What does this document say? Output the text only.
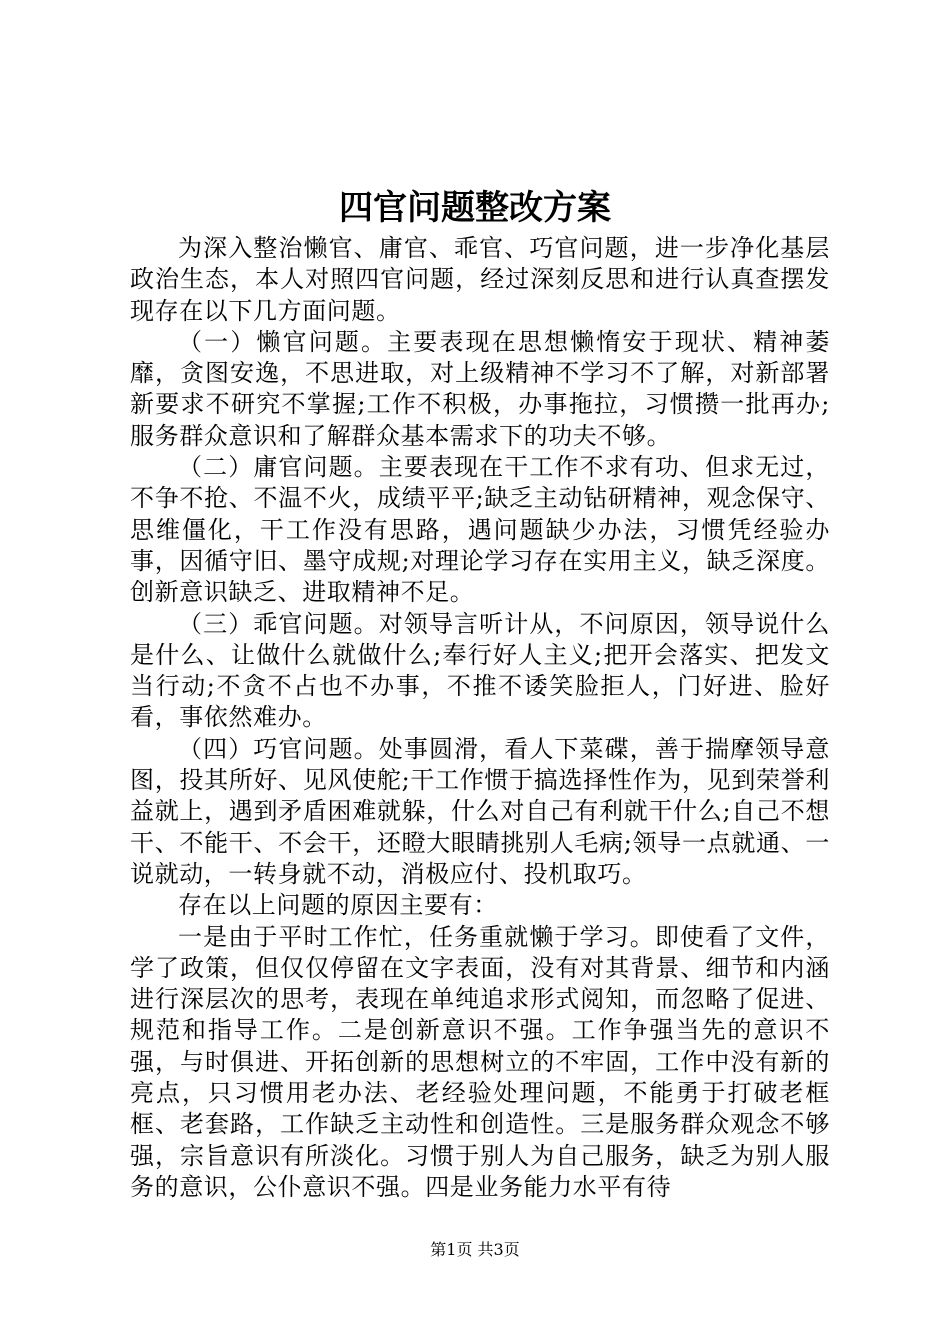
四官问题整改方案

为深入整治懒官、庸官、乖官、巧官问题，进一步净化基层政治生态，本人对照四官问题，经过深刻反思和进行认真查摆发现存在以下几方面问题。

（一）懒官问题。主要表现在思想懒惰安于现状、精神萎靡，贪图安逸，不思进取，对上级精神不学习不了解，对新部署新要求不研究不掌握;工作不积极，办事拖拉，习惯攒一批再办;服务群众意识和了解群众基本需求下的功夫不够。

（二）庸官问题。主要表现在干工作不求有功、但求无过，不争不抢、不温不火，成绩平平;缺乏主动钻研精神，观念保守、思维僵化，干工作没有思路，遇问题缺少办法，习惯凭经验办事，因循守旧、墨守成规;对理论学习存在实用主义，缺乏深度。创新意识缺乏、进取精神不足。

（三）乖官问题。对领导言听计从，不问原因，领导说什么是什么、让做什么就做什么;奉行好人主义;把开会落实、把发文当行动;不贪不占也不办事，不推不诿笑脸拒人，门好进、脸好看，事依然难办。

（四）巧官问题。处事圆滑，看人下菜碟，善于揣摩领导意图，投其所好、见风使舵;干工作惯于搞选择性作为，见到荣誉利益就上，遇到矛盾困难就躲，什么对自己有利就干什么;自己不想干、不能干、不会干，还瞪大眼睛挑别人毛病;领导一点就通、一说就动，一转身就不动，消极应付、投机取巧。

存在以上问题的原因主要有：

一是由于平时工作忙，任务重就懒于学习。即使看了文件，学了政策，但仅仅停留在文字表面，没有对其背景、细节和内涵进行深层次的思考，表现在单纯追求形式阅知，而忽略了促进、规范和指导工作。二是创新意识不强。工作争强当先的意识不强，与时俱进、开拓创新的思想树立的不牢固，工作中没有新的亮点，只习惯用老办法、老经验处理问题，不能勇于打破老框框、老套路，工作缺乏主动性和创造性。三是服务群众观念不够强，宗旨意识有所淡化。习惯于别人为自己服务，缺乏为别人服务的意识，公仆意识不强。四是业务能力水平有待

第1页 共3页
